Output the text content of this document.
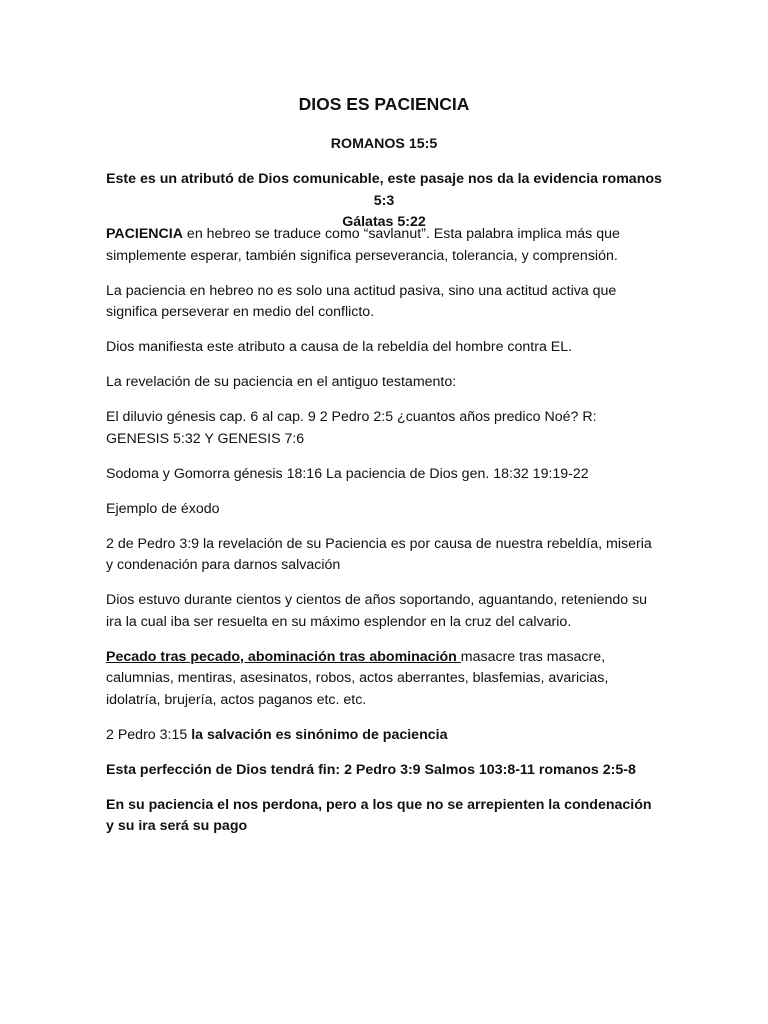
DIOS ES PACIENCIA
ROMANOS 15:5
Este es un atributó de Dios comunicable, este pasaje nos da la evidencia romanos 5:3
Gálatas 5:22

PACIENCIA en hebreo se traduce como “savlanut”. Esta palabra implica más que simplemente esperar, también significa perseverancia, tolerancia, y comprensión.

La paciencia en hebreo no es solo una actitud pasiva, sino una actitud activa que significa perseverar en medio del conflicto.

Dios manifiesta este atributo a causa de la rebeldía del hombre contra EL.

La revelación de su paciencia en el antiguo testamento:

El diluvio génesis cap. 6 al cap. 9 2 Pedro 2:5 ¿cuantos años predico Noé? R: GENESIS 5:32 Y GENESIS 7:6

Sodoma y Gomorra génesis 18:16 La paciencia de Dios gen. 18:32 19:19-22

Ejemplo de éxodo

2 de Pedro 3:9 la revelación de su Paciencia es por causa de nuestra rebeldía, miseria y condenación para darnos salvación

Dios estuvo durante cientos y cientos de años soportando, aguantando, reteniendo su ira la cual iba ser resuelta en su máximo esplendor en la cruz del calvario.

Pecado tras pecado, abominación tras abominación masacre tras masacre, calumnias, mentiras, asesinatos, robos, actos aberrantes, blasfemias, avaricias, idolatría, brujería, actos paganos etc. etc.

2 Pedro 3:15 la salvación es sinónimo de paciencia

Esta perfección de Dios tendrá fin: 2 Pedro 3:9 Salmos 103:8-11 romanos 2:5-8

En su paciencia el nos perdona, pero a los que no se arrepienten la condenación y su ira será su pago
